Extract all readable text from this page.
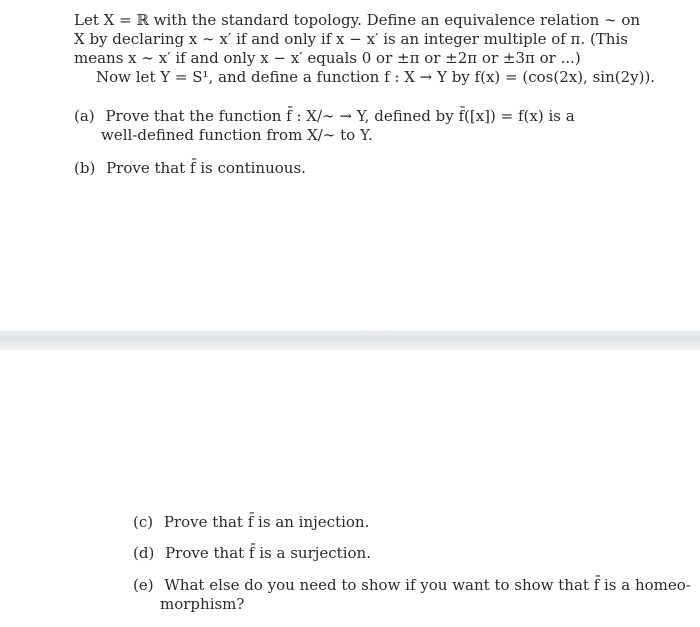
Let X = ℝ with the standard topology. Define an equivalence relation ∼ on
X by declaring x ∼ x′ if and only if x − x′ is an integer multiple of π. (This
means x ∼ x′ if and only x − x′ equals 0 or ±π or ±2π or ±3π or ...)
Now let Y = S¹, and define a function f : X → Y by f(x) = (cos(2x), sin(2y)).
(a) Prove that the function f̄ : X/∼ → Y, defined by f̄([x]) = f(x) is a
well-defined function from X/∼ to Y.
(b) Prove that f̄ is continuous.
(c) Prove that f̄ is an injection.
(d) Prove that f̄ is a surjection.
(e) What else do you need to show if you want to show that f̄ is a homeo-
morphism?
